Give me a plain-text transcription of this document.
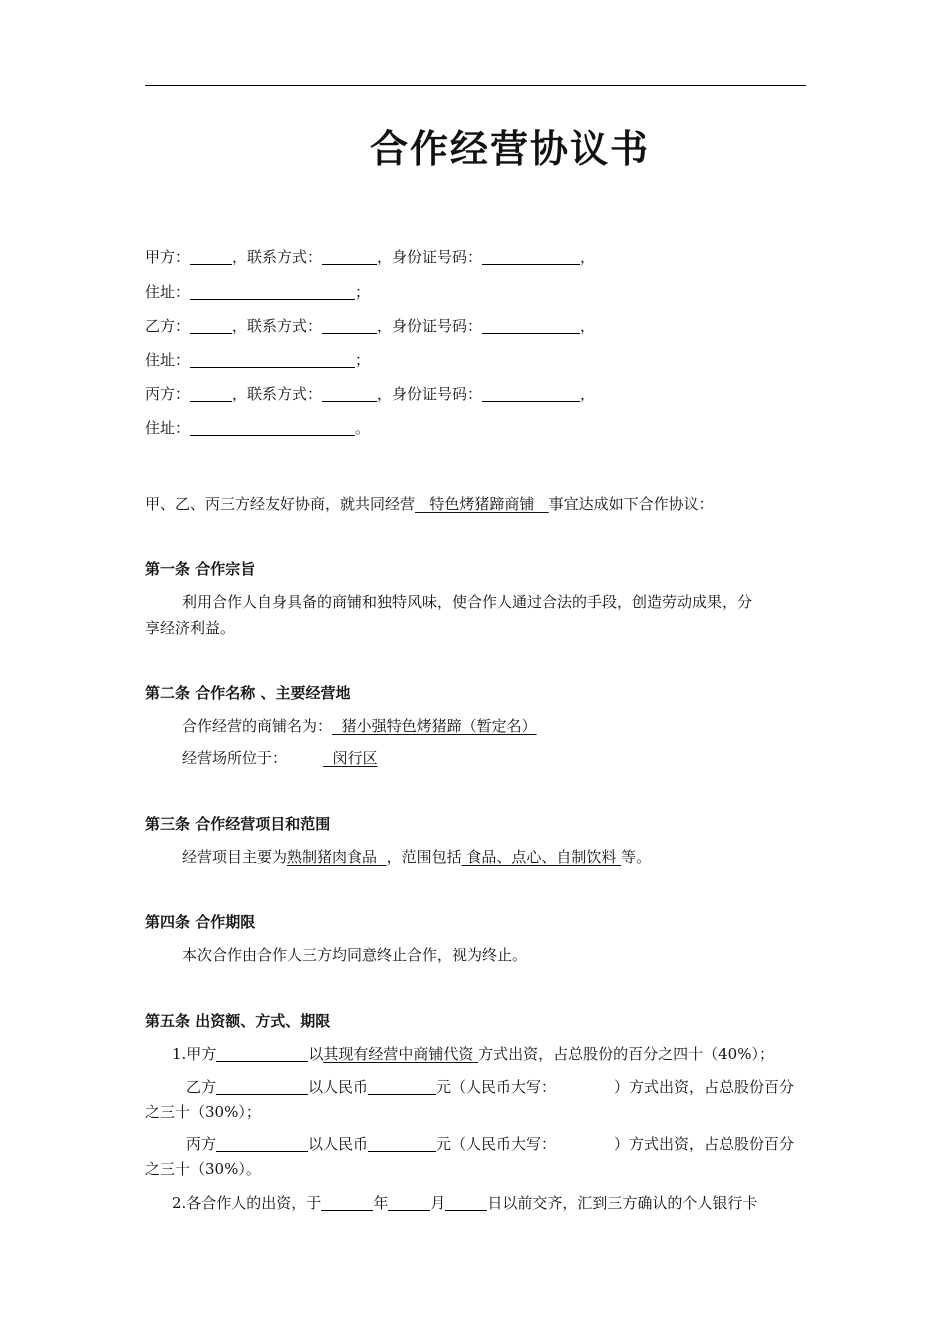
合作经营协议书
甲方：	，联系方式：	，身份证号码：	，
住址：	；
乙方：	，联系方式：	，身份证号码：	，
住址：	；
丙方：	，联系方式：	，身份证号码：	，
住址：	。
甲、乙、丙三方经友好协商，就共同经营 特色烤猪蹄商铺 事宜达成如下合作协议：
第一条 合作宗旨
利用合作人自身具备的商铺和独特风味，使合作人通过合法的手段，创造劳动成果，分
享经济利益。
第二条 合作名称 、主要经营地
合作经营的商铺名为： 猪小强特色烤猪蹄（暂定名）
经营场所位于：	闵行区
第三条 合作经营项目和范围
经营项目主要为熟制猪肉食品 ，范围包括 食品、点心、自制饮料 等。
第四条 合作期限
本次合作由合作人三方均同意终止合作，视为终止。
第五条 出资额、方式、期限
1.甲方	以其现有经营中商铺代资 方式出资，占总股份的百分之四十（40%）；
乙方	以人民币	元（人民币大写：	）方式出资，占总股份百分
之三十（30%）；
丙方	以人民币	元（人民币大写：	）方式出资，占总股份百分
之三十（30%）。
2.各合作人的出资，于	年	月	日以前交齐，汇到三方确认的个人银行卡
